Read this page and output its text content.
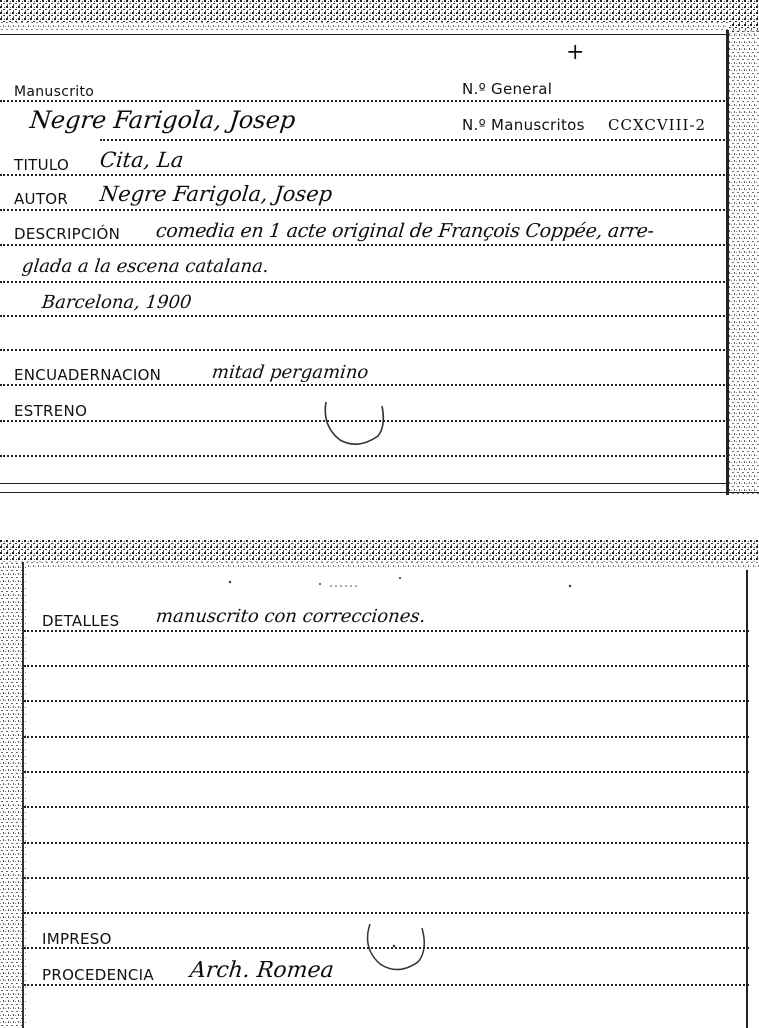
+
Manuscrito	N.º General
Negre Farigola, Josep	N.º Manuscritos CCXCVIII-2
TITULO Cita, La
AUTOR Negre Farigola, Josep
DESCRIPCIÓN comedia en 1 acte original de François Coppée, arre-
glada a la escena catalana.
Barcelona, 1900
ENCUADERNACION	mitad pergamino
ESTRENO
DETALLES manuscrito con correcciones.
IMPRESO
PROCEDENCIA Arch. Romea
